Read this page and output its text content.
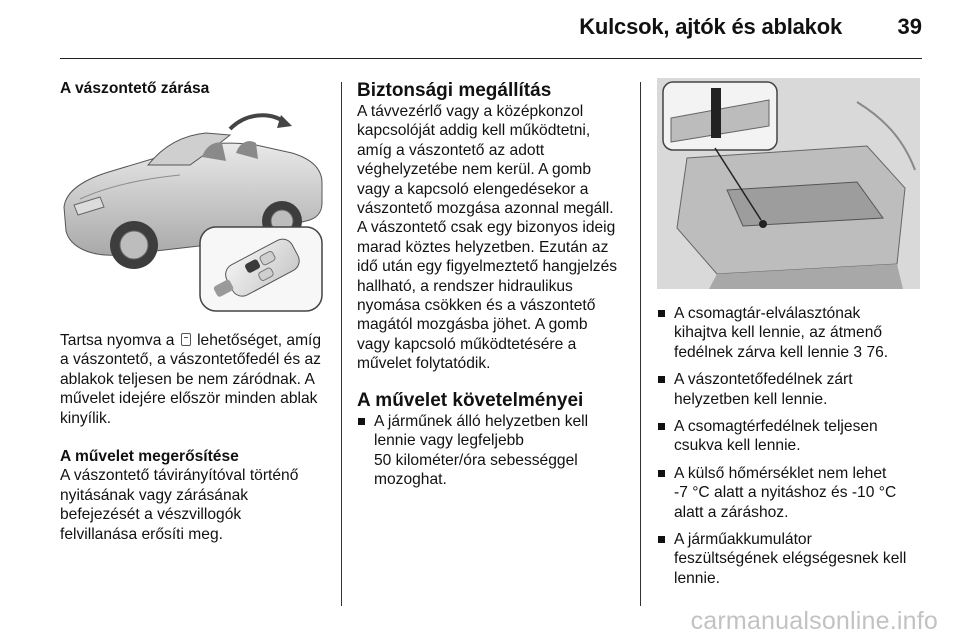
Kulcsok, ajtók és ablakok	39
A vászontető zárása

Tartsa nyomva a lehetőséget, amíg
a vászontető, a vászontetőfedél és az
ablakok teljesen be nem záródnak. A
művelet idejére először minden ablak
kinyílik.

A művelet megerősítése

A vászontető távirányítóval történő
nyitásának vagy zárásának
befejezését a vészvillogók
felvillanása erősíti meg.

Biztonsági megállítás

A távvezérlő vagy a középkonzol
kapcsolóját addig kell működtetni,
amíg a vászontető az adott
véghelyzetébe nem kerül. A gomb
vagy a kapcsoló elengedésekor a
vászontető mozgása azonnal megáll.
A vászontető csak egy bizonyos ideig
marad köztes helyzetben. Ezután az
idő után egy figyelmeztető hangjelzés
hallható, a rendszer hidraulikus
nyomása csökken és a vászontető
magától mozgásba jöhet. A gomb
vagy kapcsoló működtetésére a
művelet folytatódik.

A művelet követelményei
A járműnek álló helyzetben kell
lennie vagy legfeljebb
50 kilométer/óra sebességgel
mozoghat.
A csomagtár-elválasztónak
kihajtva kell lennie, az átmenő
fedélnek zárva kell lennie 3 76.
A vászontetőfedélnek zárt
helyzetben kell lennie.
A csomagtérfedélnek teljesen
csukva kell lennie.
A külső hőmérséklet nem lehet
-7 °C alatt a nyitáshoz és -10 °C
alatt a záráshoz.
A járműakkumulátor
feszültségének elégségesnek kell
lennie.
carmanualsonline.info
